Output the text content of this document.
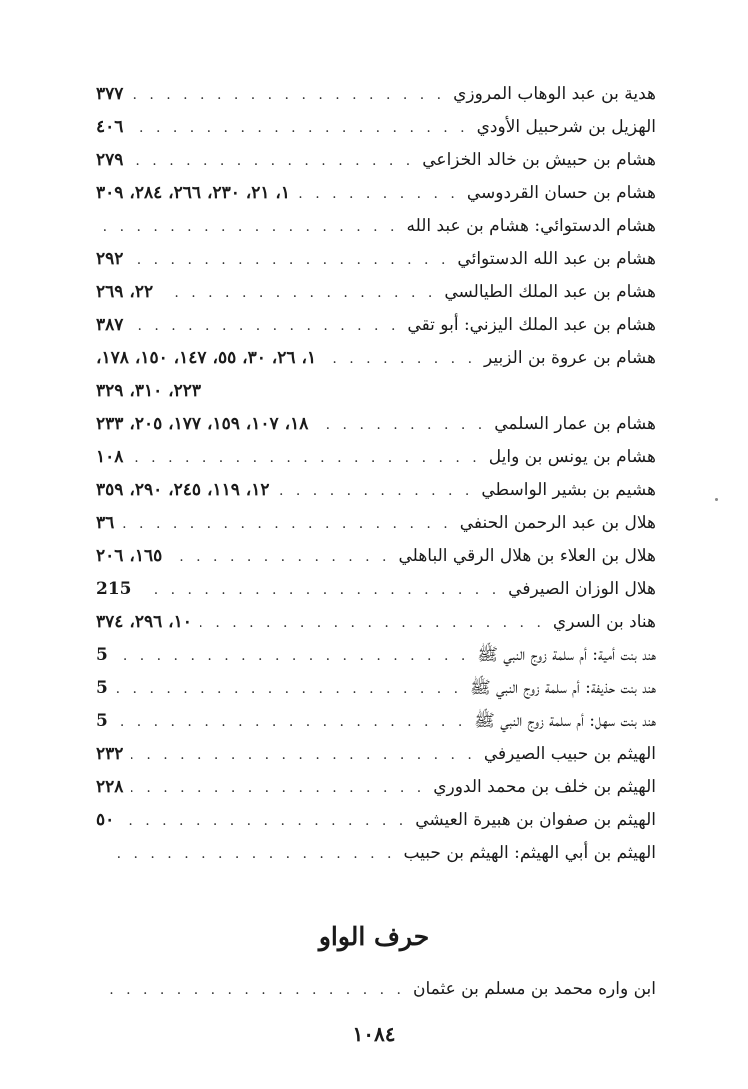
هدية بن عبد الوهاب المروزي
. . .
٣٧٧
الهزيل بن شرحبيل الأودي
. . .
٤٠٦
هشام بن حبيش بن خالد الخزاعي
. . .
٢٧٩
هشام بن حسان القردوسي
. . .
١، ٢١، ٢٣٠، ٢٦٦، ٢٨٤، ٣٠٩
هشام الدستوائي: هشام بن عبد الله
. . .
هشام بن عبد الله الدستوائي
. . .
٢٩٢
هشام بن عبد الملك الطيالسي
. . .
٢٢، ٢٦٩
هشام بن عبد الملك اليزني: أبو تقي
. . .
٣٨٧
هشام بن عروة بن الزبير
. . .
١، ٢٦، ٣٠، ٥٥، ١٤٧، ١٥٠، ١٧٨،
٢٢٣، ٣١٠، ٣٢٩
هشام بن عمار السلمي
. . .
١٨، ١٠٧، ١٥٩، ١٧٧، ٢٠٥، ٢٣٣
هشام بن يونس بن وايل
. . .
١٠٨
هشيم بن بشير الواسطي
. . .
١٢، ١١٩، ٢٤٥، ٢٩٠، ٣٥٩
هلال بن عبد الرحمن الحنفي
. . .
٣٦
هلال بن العلاء بن هلال الرقي الباهلي
. . .
١٦٥، ٢٠٦
هلال الوزان الصيرفي
. . .
215
هناد بن السري
. . .
١٠، ٢٩٦، ٣٧٤
هند بنت أمية: أم سلمة زوج النبي ﷺ
. . .
5
هند بنت حذيفة: أم سلمة زوج النبي ﷺ
. . .
5
هند بنت سهل: أم سلمة زوج النبي ﷺ
. . .
5
الهيثم بن حبيب الصيرفي
. . .
٢٣٢
الهيثم بن خلف بن محمد الدوري
. . .
٢٢٨
الهيثم بن صفوان بن هبيرة العيشي
. . .
٥٠
الهيثم بن أبي الهيثم: الهيثم بن حبيب
. . .
حرف الواو
ابن واره محمد بن مسلم بن عثمان
. . .
١٠٨٤
